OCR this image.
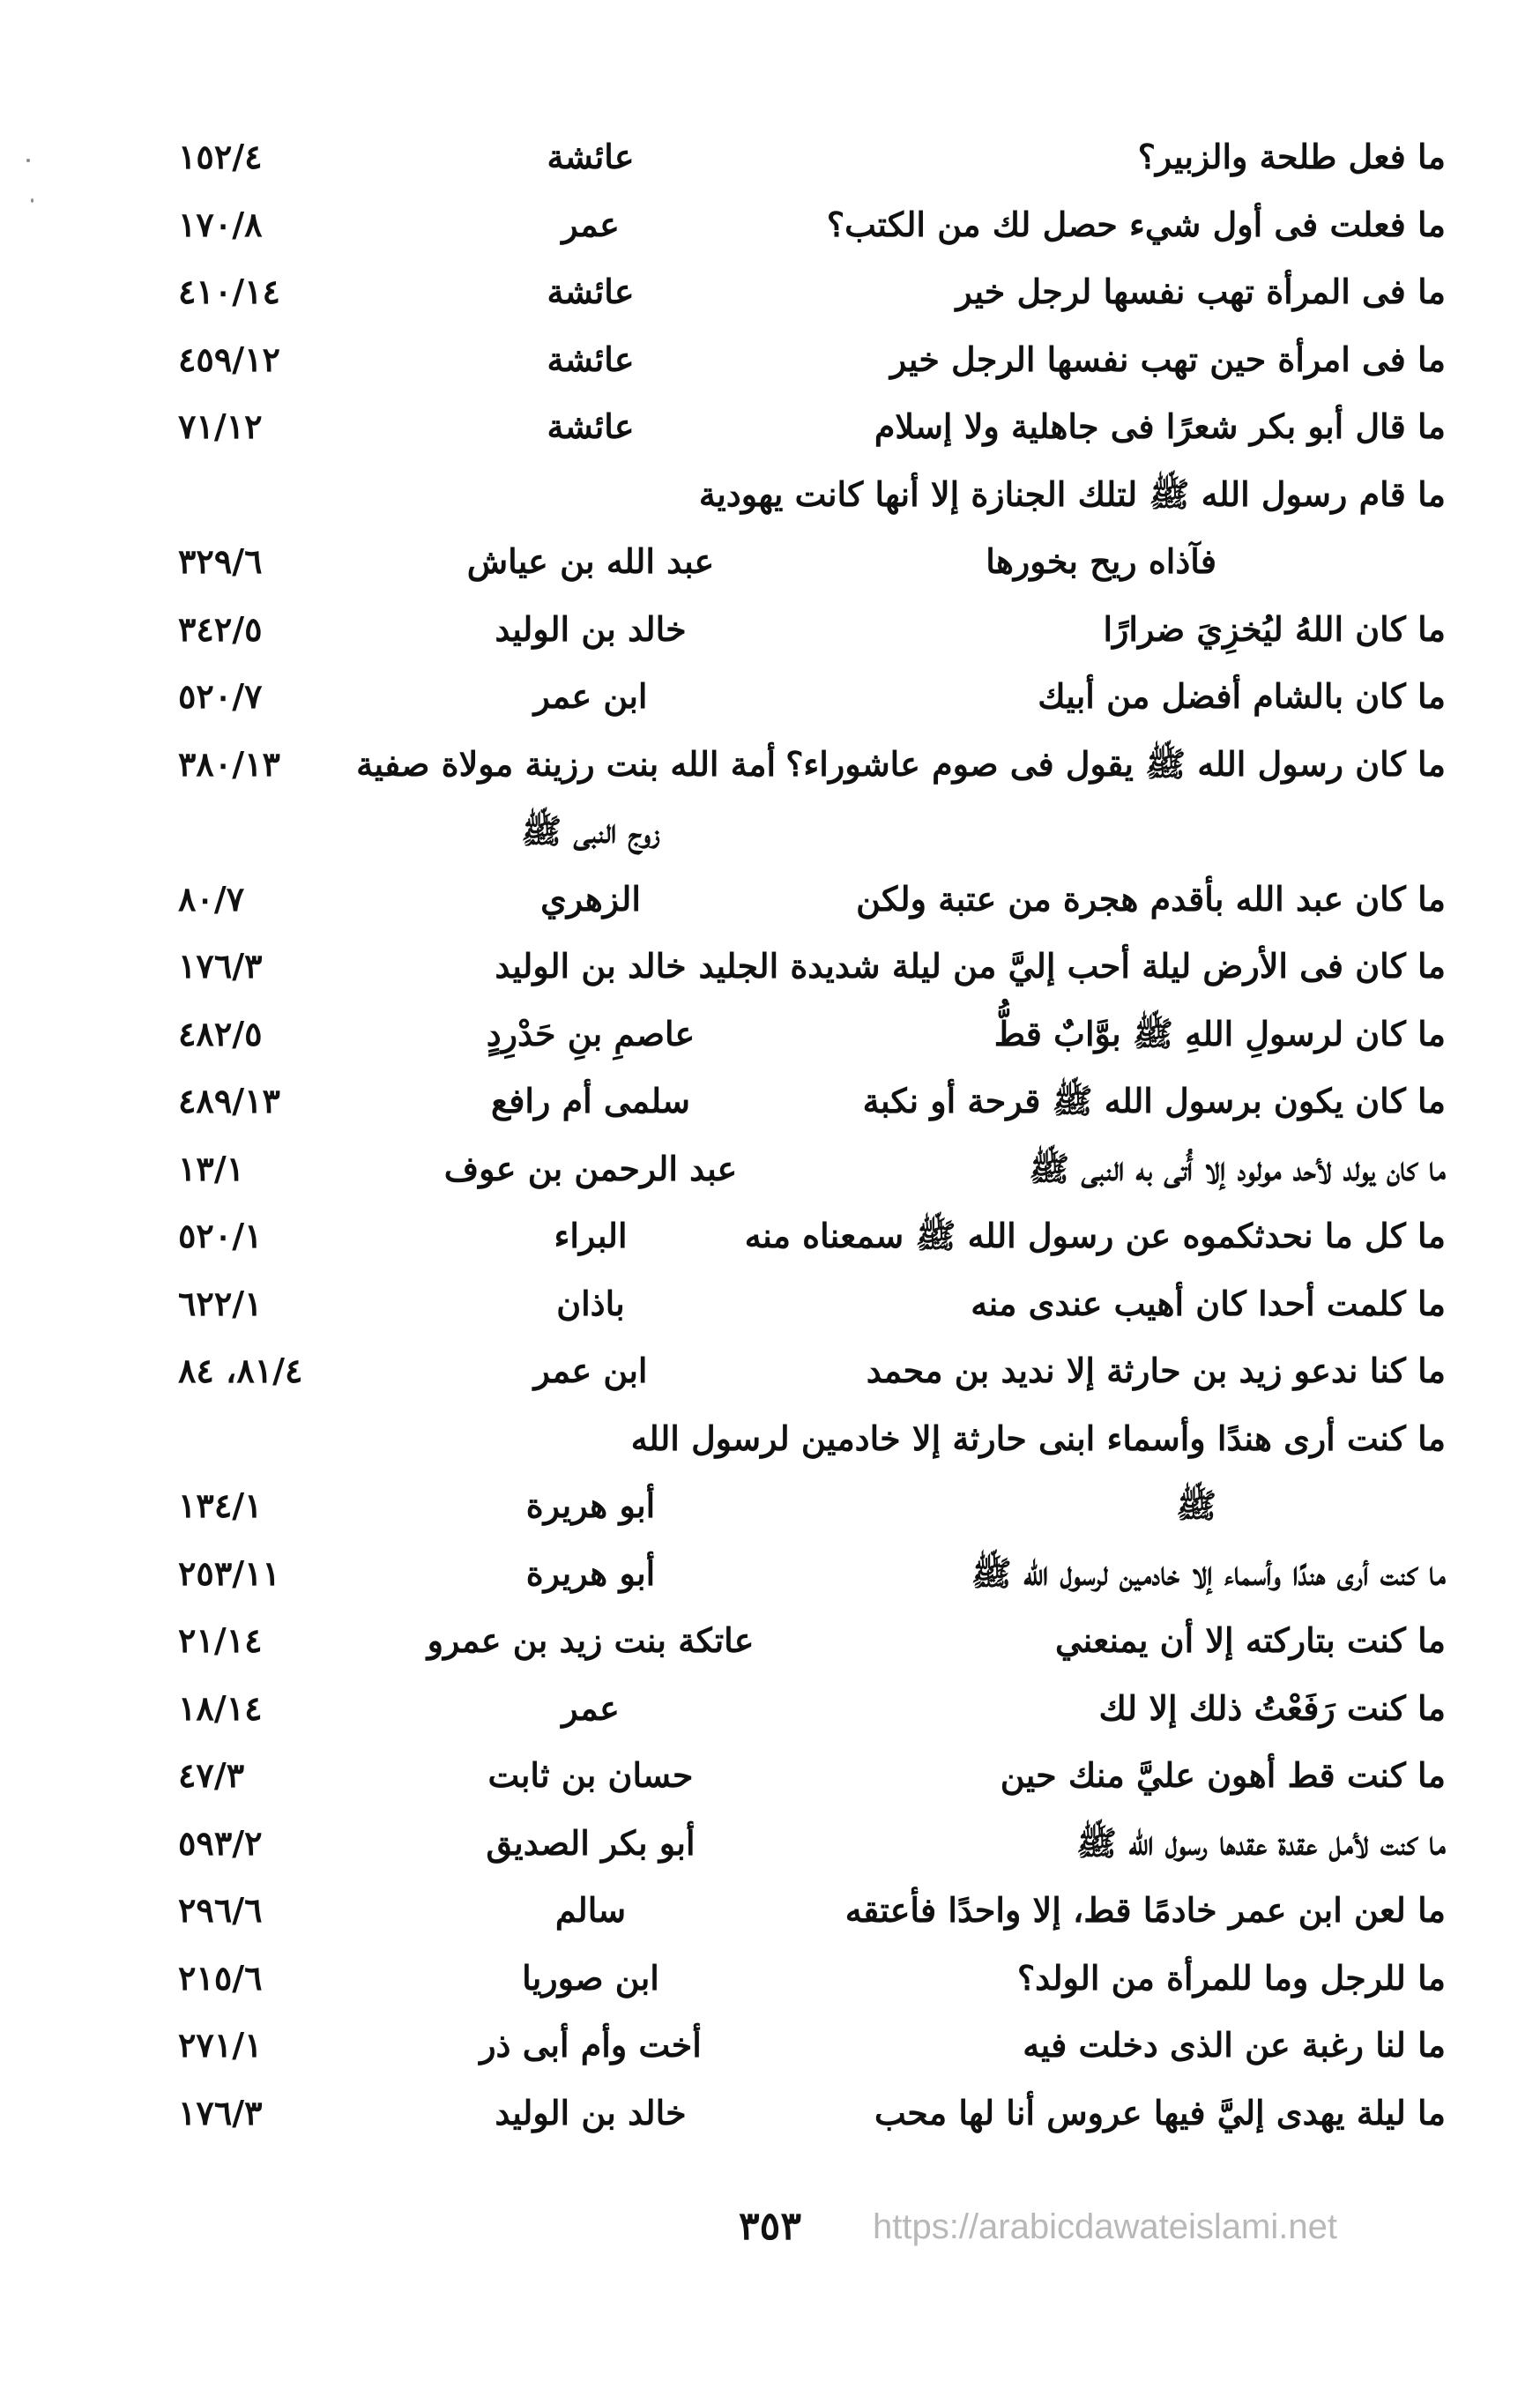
ما فعل طلحة والزبير؟
عائشة
١٥٢/٤
ما فعلت فى أول شيء حصل لك من الكتب؟
عمر
١٧٠/٨
ما فى المرأة تهب نفسها لرجل خير
عائشة
٤١٠/١٤
ما فى امرأة حين تهب نفسها الرجل خير
عائشة
٤٥٩/١٢
ما قال أبو بكر شعرًا فى جاهلية ولا إسلام
عائشة
٧١/١٢
ما قام رسول الله ﷺ لتلك الجنازة إلا أنها كانت يهودية
فآذاه ريح بخورها
عبد الله بن عياش
٣٢٩/٦
ما كان اللهُ ليُخزِيَ ضرارًا
خالد بن الوليد
٣٤٢/٥
ما كان بالشام أفضل من أبيك
ابن عمر
٥٢٠/٧
ما كان رسول الله ﷺ يقول فى صوم عاشوراء؟
أمة الله بنت رزينة مولاة صفية
٣٨٠/١٣
زوج النبى ﷺ
ما كان عبد الله بأقدم هجرة من عتبة ولكن
الزهري
٨٠/٧
ما كان فى الأرض ليلة أحب إليَّ من ليلة شديدة الجليد
خالد بن الوليد
١٧٦/٣
ما كان لرسولِ اللهِ ﷺ بوَّابٌ قطُّ
عاصمِ بنِ حَدْرِدٍ
٤٨٢/٥
ما كان يكون برسول الله ﷺ قرحة أو نكبة
سلمى أم رافع
٤٨٩/١٣
ما كان يولد لأحد مولود إلا أُتى به النبى ﷺ
عبد الرحمن بن عوف
١٣/١
ما كل ما نحدثكموه عن رسول الله ﷺ سمعناه منه
البراء
٥٢٠/١
ما كلمت أحدا كان أهيب عندى منه
باذان
٦٢٢/١
ما كنا ندعو زيد بن حارثة إلا نديد بن محمد
ابن عمر
٨١/٤، ٨٤
ما كنت أرى هندًا وأسماء ابنى حارثة إلا خادمين لرسول الله
ﷺ
أبو هريرة
١٣٤/١
ما كنت أرى هندًا وأسماء إلا خادمين لرسول الله ﷺ
أبو هريرة
٢٥٣/١١
ما كنت بتاركته إلا أن يمنعني
عاتكة بنت زيد بن عمرو
٢١/١٤
ما كنت رَفَعْتُ ذلك إلا لك
عمر
١٨/١٤
ما كنت قط أهون عليَّ منك حين
حسان بن ثابت
٤٧/٣
ما كنت لأمل عقدة عقدها رسول الله ﷺ
أبو بكر الصديق
٥٩٣/٢
ما لعن ابن عمر خادمًا قط، إلا واحدًا فأعتقه
سالم
٢٩٦/٦
ما للرجل وما للمرأة من الولد؟
ابن صوريا
٢١٥/٦
ما لنا رغبة عن الذى دخلت فيه
أخت وأم أبى ذر
٢٧١/١
ما ليلة يهدى إليَّ فيها عروس أنا لها محب
خالد بن الوليد
١٧٦/٣
٣٥٣	https://arabicdawateislami.net
